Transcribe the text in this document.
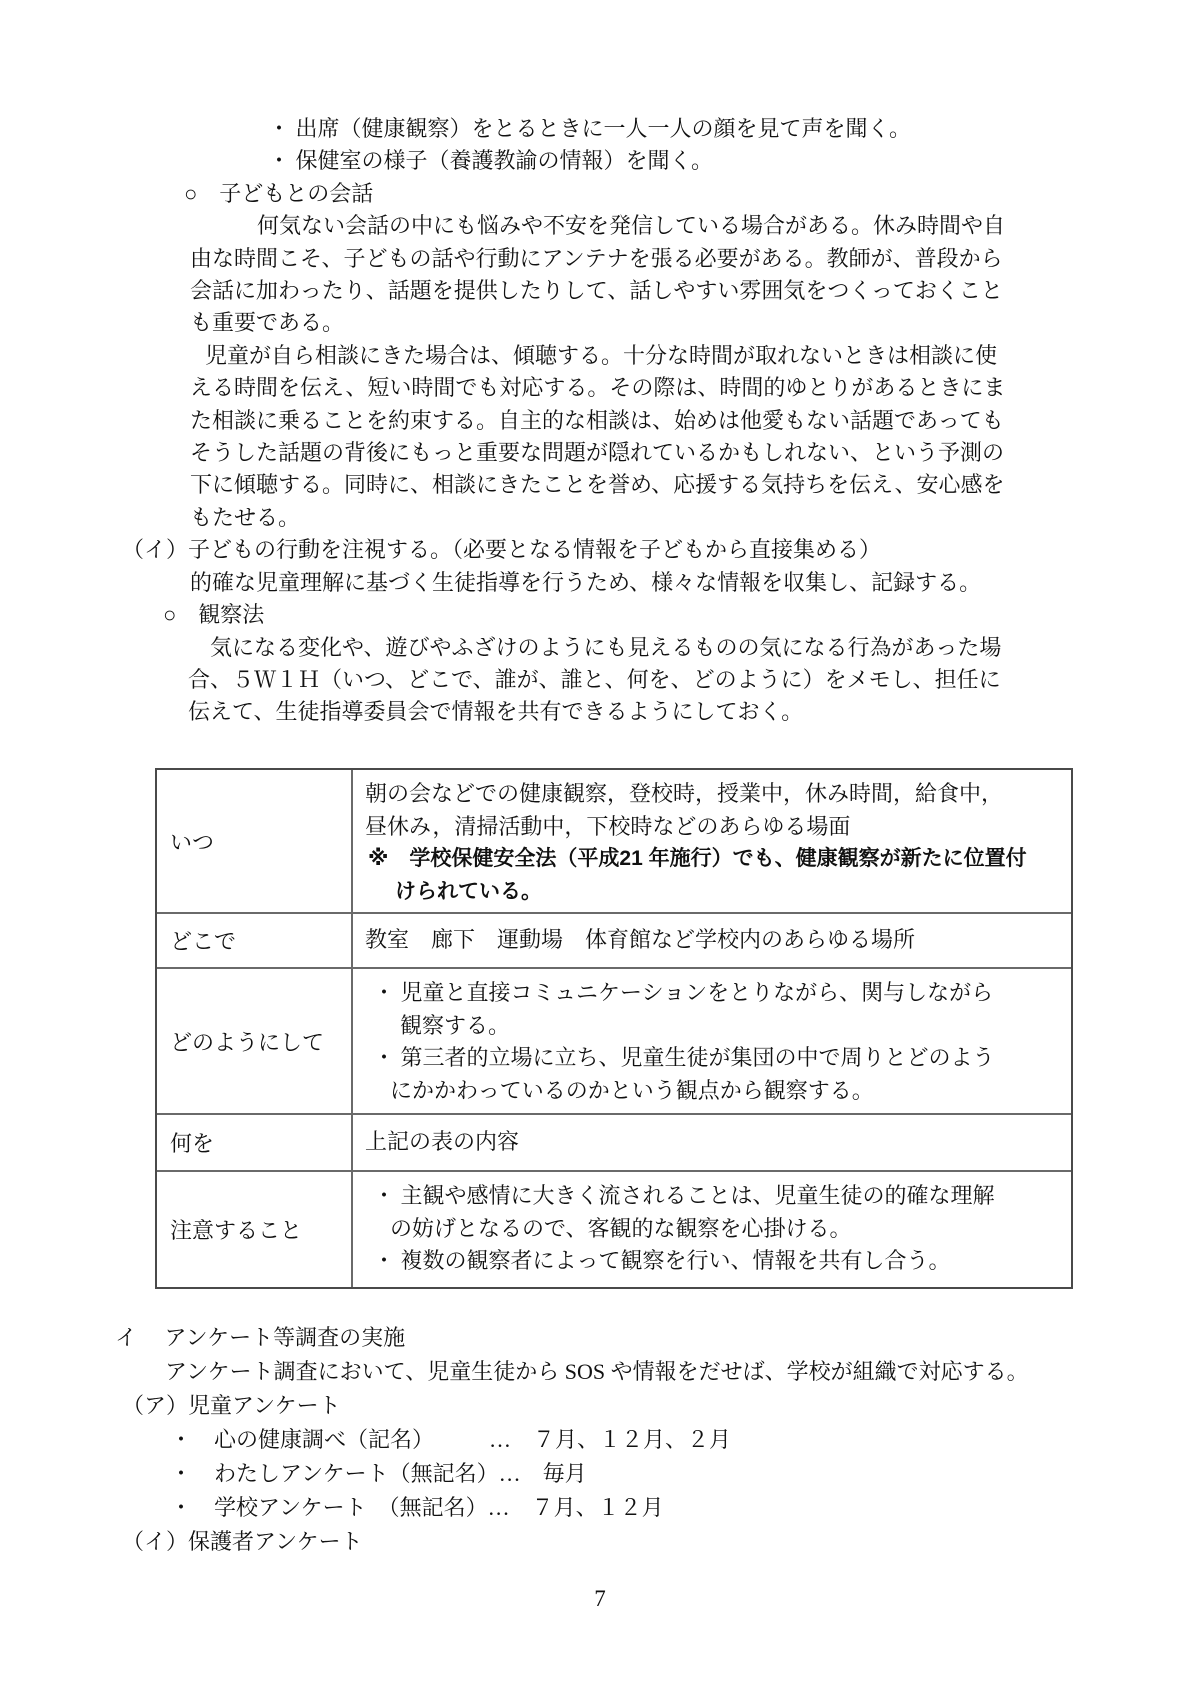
・ 出席（健康観察）をとるときに一人一人の顔を見て声を聞く。
・ 保健室の様子（養護教諭の情報）を聞く。
○　子どもとの会話
何気ない会話の中にも悩みや不安を発信している場合がある。休み時間や自
由な時間こそ、子どもの話や行動にアンテナを張る必要がある。教師が、普段から
会話に加わったり、話題を提供したりして、話しやすい雰囲気をつくっておくこと
も重要である。
児童が自ら相談にきた場合は、傾聴する。十分な時間が取れないときは相談に使
える時間を伝え、短い時間でも対応する。その際は、時間的ゆとりがあるときにま
た相談に乗ることを約束する。自主的な相談は、始めは他愛もない話題であっても
そうした話題の背後にもっと重要な問題が隠れているかもしれない、という予測の
下に傾聴する。同時に、相談にきたことを誉め、応援する気持ちを伝え、安心感を
もたせる。
（イ）子どもの行動を注視する。（必要となる情報を子どもから直接集める）
的確な児童理解に基づく生徒指導を行うため、様々な情報を収集し、記録する。
○　観察法
気になる変化や、遊びやふざけのようにも見えるものの気になる行為があった場
合、５Ｗ１Ｈ（いつ、どこで、誰が、誰と、何を、どのように）をメモし、担任に
伝えて、生徒指導委員会で情報を共有できるようにしておく。
いつ
朝の会などでの健康観察，登校時，授業中，休み時間，給食中，
昼休み，清掃活動中，下校時などのあらゆる場面
※　学校保健安全法（平成21 年施行）でも、健康観察が新たに位置付
けられている。
どこで	教室　廊下　運動場　体育館など学校内のあらゆる場所
どのようにして
・ 児童と直接コミュニケーションをとりながら、関与しながら
観察する。
・ 第三者的立場に立ち、児童生徒が集団の中で周りとどのよう
にかかわっているのかという観点から観察する。
何を	上記の表の内容
注意すること
・ 主観や感情に大きく流されることは、児童生徒の的確な理解
の妨げとなるので、客観的な観察を心掛ける。
・ 複数の観察者によって観察を行い、情報を共有し合う。
イ　 アンケート等調査の実施
アンケート調査において、児童生徒から SOS や情報をだせば、学校が組織で対応する。
（ア）児童アンケート
・　心の健康調べ（記名）　　　…　７月、１２月、２月
・　わたしアンケート（無記名）…　毎月
・　学校アンケート　（無記名）…　７月、１２月
（イ）保護者アンケート
7
